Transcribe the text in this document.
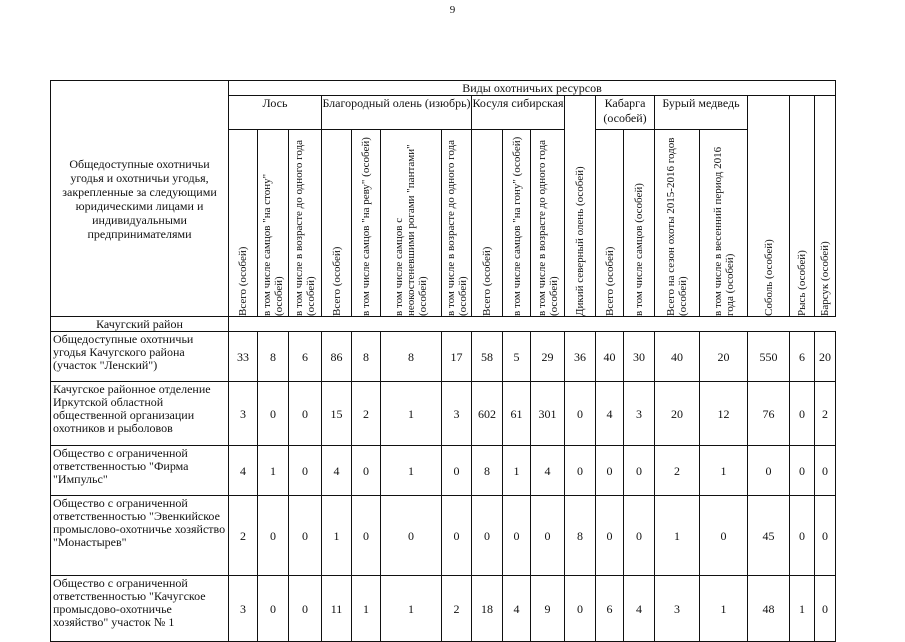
9
Общедоступные охотничьи угодья и охотничьи угодья, закрепленные за следующими юридическими лицами и индивидуальными предпринимателями	Виды охотничьих ресурсов																	
	Лось			Благородный олень (изюбрь)				Косуля сибирская			Дикий северный олень (особей)	Кабарга (особей)		Бурый медведь		Соболь (особей)	Рысь (особей)	Барсук (особей)

	Всего (особей)	в том числе самцов "на стону" (особей)	в том числе в возрасте до одного года (особей)	Всего (особей)	в том числе самцов "на реву" (особей)	в том числе самцов с неокостеневшими рогами "пантами" (особей)	в том числе в возрасте до одного года (особей)	Всего (особей)	в том числе самцов "на гону" (особей)	в том числе в возрасте до одного года (особей)		Всего (особей)	в том числе самцов (особей)	Всего на сезон охоты 2015-2016 годов (особей)	в том числе в весенний период 2016 года (особей)			

Качугский район																		
Общедоступные охотничьи угодья Качугского района (участок "Ленский")	33	8	6	86	8	8	17	58	5	29	36	40	30	40	20	550	6	20
Качугское районное отделение Иркутской областной общественной организации охотников и рыболовов	3	0	0	15	2	1	3	602	61	301	0	4	3	20	12	76	0	2
Общество с ограниченной ответственностью "Фирма "Импульс"	4	1	0	4	0	1	0	8	1	4	0	0	0	2	1	0	0	0
Общество с ограниченной ответственностью "Эвенкийское промыслово-охотничье хозяйство "Монастырев"	2	0	0	1	0	0	0	0	0	0	8	0	0	1	0	45	0	0
Общество с ограниченной ответственностью "Качугское промысдово-охотничье хозяйство" участок № 1	3	0	0	11	1	1	2	18	4	9	0	6	4	3	1	48	1	0
